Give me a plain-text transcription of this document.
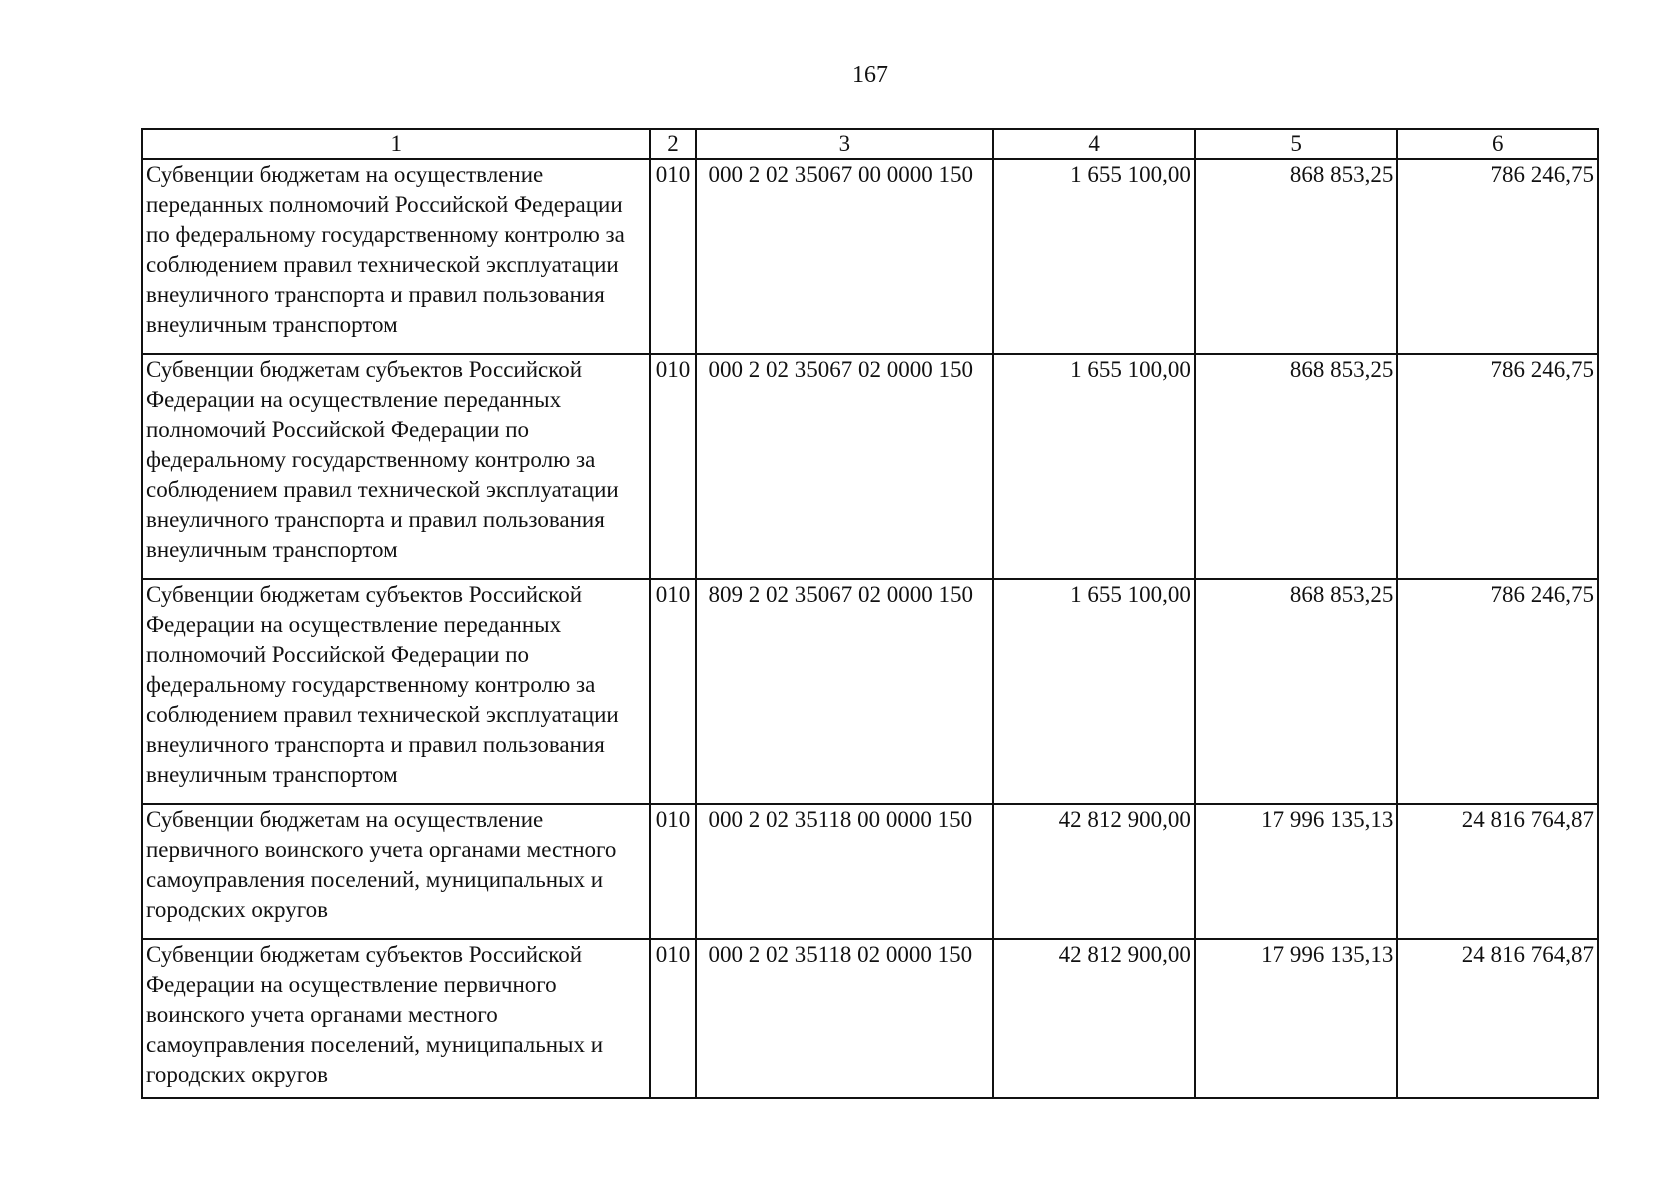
167
1	2	3	4	5	6
Субвенции бюджетам на осуществление переданных полномочий Российской Федерации по федеральному государственному контролю за соблюдением правил технической эксплуатации внеуличного транспорта и правил пользования внеуличным транспортом	010	000 2 02 35067 00 0000 150	1 655 100,00	868 853,25	786 246,75
Субвенции бюджетам субъектов Российской Федерации на осуществление переданных полномочий Российской Федерации по федеральному государственному контролю за соблюдением правил технической эксплуатации внеуличного транспорта и правил пользования внеуличным транспортом	010	000 2 02 35067 02 0000 150	1 655 100,00	868 853,25	786 246,75
Субвенции бюджетам субъектов Российской Федерации на осуществление переданных полномочий Российской Федерации по федеральному государственному контролю за соблюдением правил технической эксплуатации внеуличного транспорта и правил пользования внеуличным транспортом	010	809 2 02 35067 02 0000 150	1 655 100,00	868 853,25	786 246,75
Субвенции бюджетам на осуществление первичного воинского учета органами местного самоуправления поселений, муниципальных и городских округов	010	000 2 02 35118 00 0000 150	42 812 900,00	17 996 135,13	24 816 764,87
Субвенции бюджетам субъектов Российской Федерации на осуществление первичного воинского учета органами местного самоуправления поселений, муниципальных и городских округов	010	000 2 02 35118 02 0000 150	42 812 900,00	17 996 135,13	24 816 764,87
